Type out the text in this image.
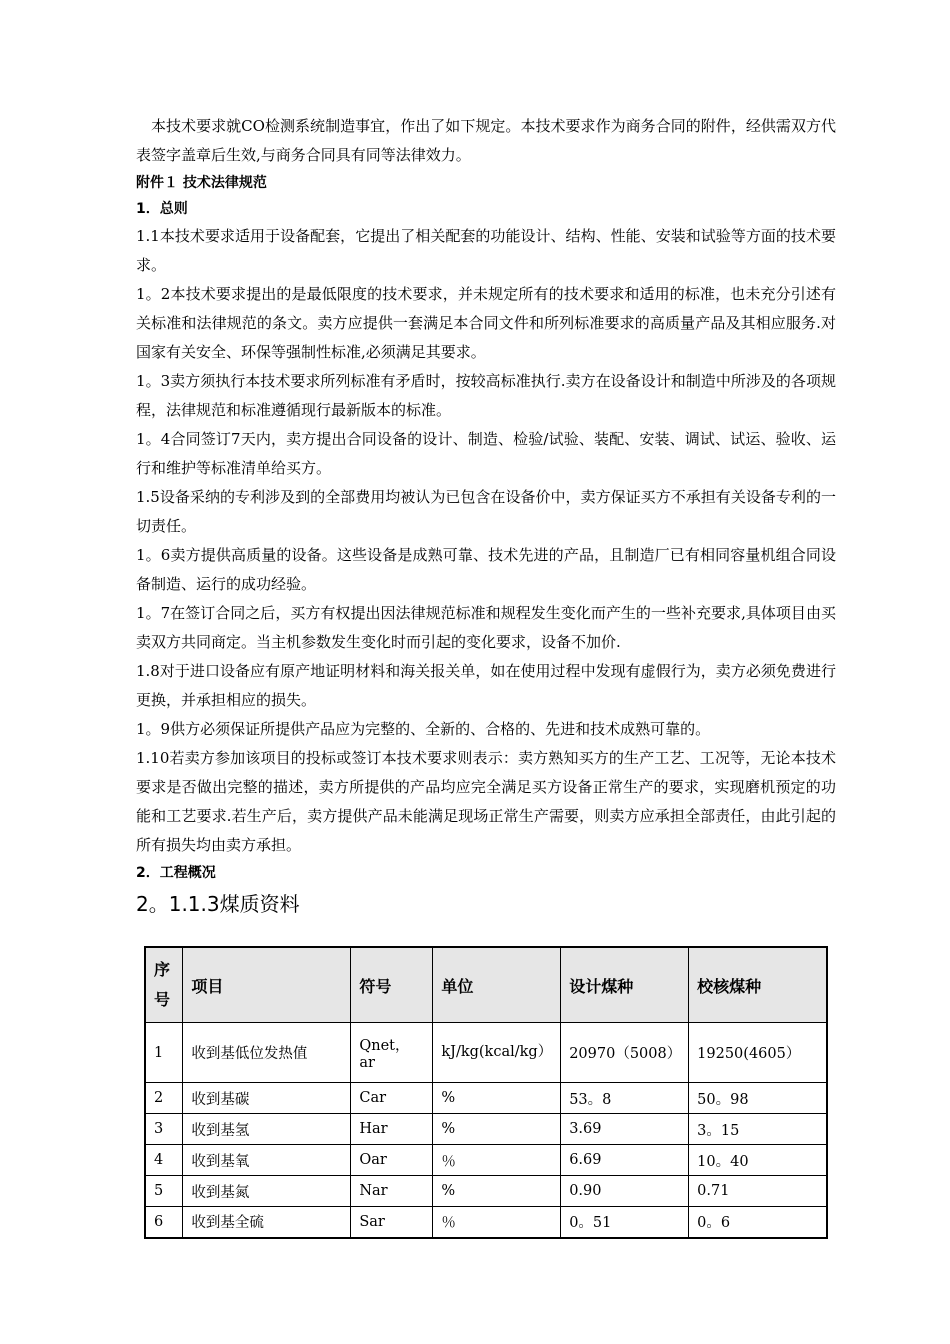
本技术要求就CO检测系统制造事宜，作出了如下规定。本技术要求作为商务合同的附件，经供需双方代表签字盖章后生效,与商务合同具有同等法律效力。

附件１ 技术法律规范

1．总则

1.1本技术要求适用于设备配套，它提出了相关配套的功能设计、结构、性能、安装和试验等方面的技术要求。

1。2本技术要求提出的是最低限度的技术要求，并未规定所有的技术要求和适用的标准，也未充分引述有关标准和法律规范的条文。卖方应提供一套满足本合同文件和所列标准要求的高质量产品及其相应服务.对国家有关安全、环保等强制性标准,必须满足其要求。

1。3卖方须执行本技术要求所列标准有矛盾时，按较高标准执行.卖方在设备设计和制造中所涉及的各项规程，法律规范和标准遵循现行最新版本的标准。

1。4合同签订7天内，卖方提出合同设备的设计、制造、检验/试验、装配、安装、调试、试运、验收、运行和维护等标准清单给买方。

1.5设备采纳的专利涉及到的全部费用均被认为已包含在设备价中，卖方保证买方不承担有关设备专利的一切责任。

1。6卖方提供高质量的设备。这些设备是成熟可靠、技术先进的产品，且制造厂已有相同容量机组合同设备制造、运行的成功经验。

1。7在签订合同之后，买方有权提出因法律规范标准和规程发生变化而产生的一些补充要求,具体项目由买卖双方共同商定。当主机参数发生变化时而引起的变化要求，设备不加价.

1.8对于进口设备应有原产地证明材料和海关报关单，如在使用过程中发现有虚假行为，卖方必须免费进行更换，并承担相应的损失。

1。9供方必须保证所提供产品应为完整的、全新的、合格的、先进和技术成熟可靠的。

1.10若卖方参加该项目的投标或签订本技术要求则表示：卖方熟知买方的生产工艺、工况等，无论本技术要求是否做出完整的描述，卖方所提供的产品均应完全满足买方设备正常生产的要求，实现磨机预定的功能和工艺要求.若生产后，卖方提供产品未能满足现场正常生产需要，则卖方应承担全部责任，由此引起的所有损失均由卖方承担。

2．工程概况

2。1.1.3煤质资料

序号	项目	符号	单位	设计煤种	校核煤种
1	收到基低位发热值	Qnet，ar	kJ/kg(kcal/kg）	20970（5008）	19250(4605）
2	收到基碳	Car	%	53。8	50。98
3	收到基氢	Har	%	3.69	3。15
4	收到基氧	Oar	％	6.69	10。40
5	收到基氮	Nar	%	0.90	0.71
6	收到基全硫	Sar	％	0。51	0。6
